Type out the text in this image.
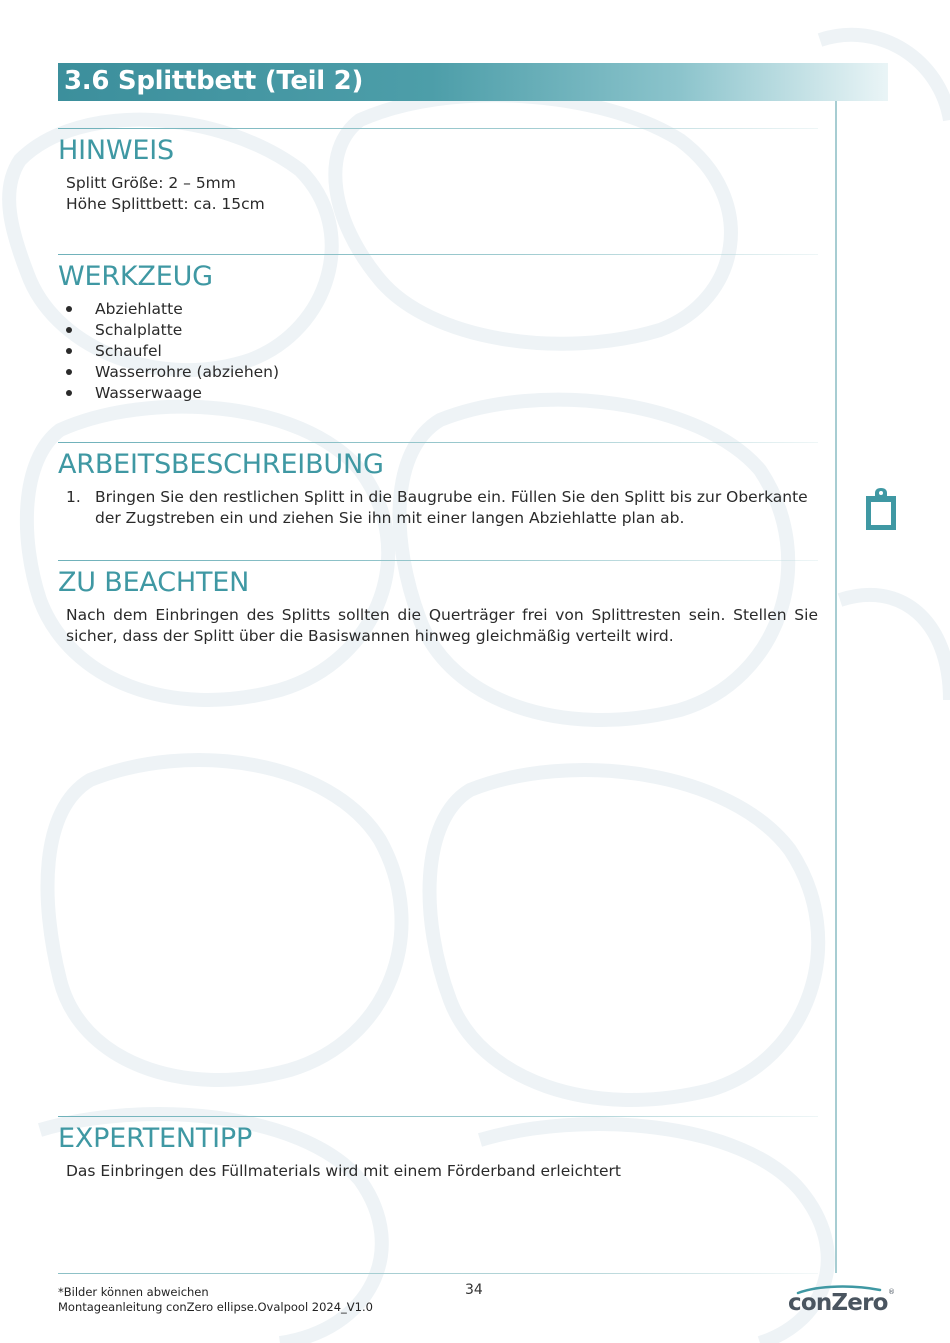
3.6 Splittbett (Teil 2)
HINWEIS
Splitt Größe: 2 – 5mm
Höhe Splittbett: ca. 15cm
WERKZEUG
Abziehlatte
Schalplatte
Schaufel
Wasserrohre (abziehen)
Wasserwaage
ARBEITSBESCHREIBUNG
1. Bringen Sie den restlichen Splitt in die Baugrube ein. Füllen Sie den Splitt bis zur Oberkante der Zugstreben ein und ziehen Sie ihn mit einer langen Abziehlatte plan ab.
ZU BEACHTEN
Nach dem Einbringen des Splitts sollten die Querträger frei von Splittresten sein. Stellen Sie sicher, dass der Splitt über die Basiswannen hinweg gleichmäßig verteilt wird.
EXPERTENTIPP
Das Einbringen des Füllmaterials wird mit einem Förderband erleichtert
*Bilder können abweichen
Montageanleitung conZero ellipse.Ovalpool 2024_V1.0
34	conZero ®
